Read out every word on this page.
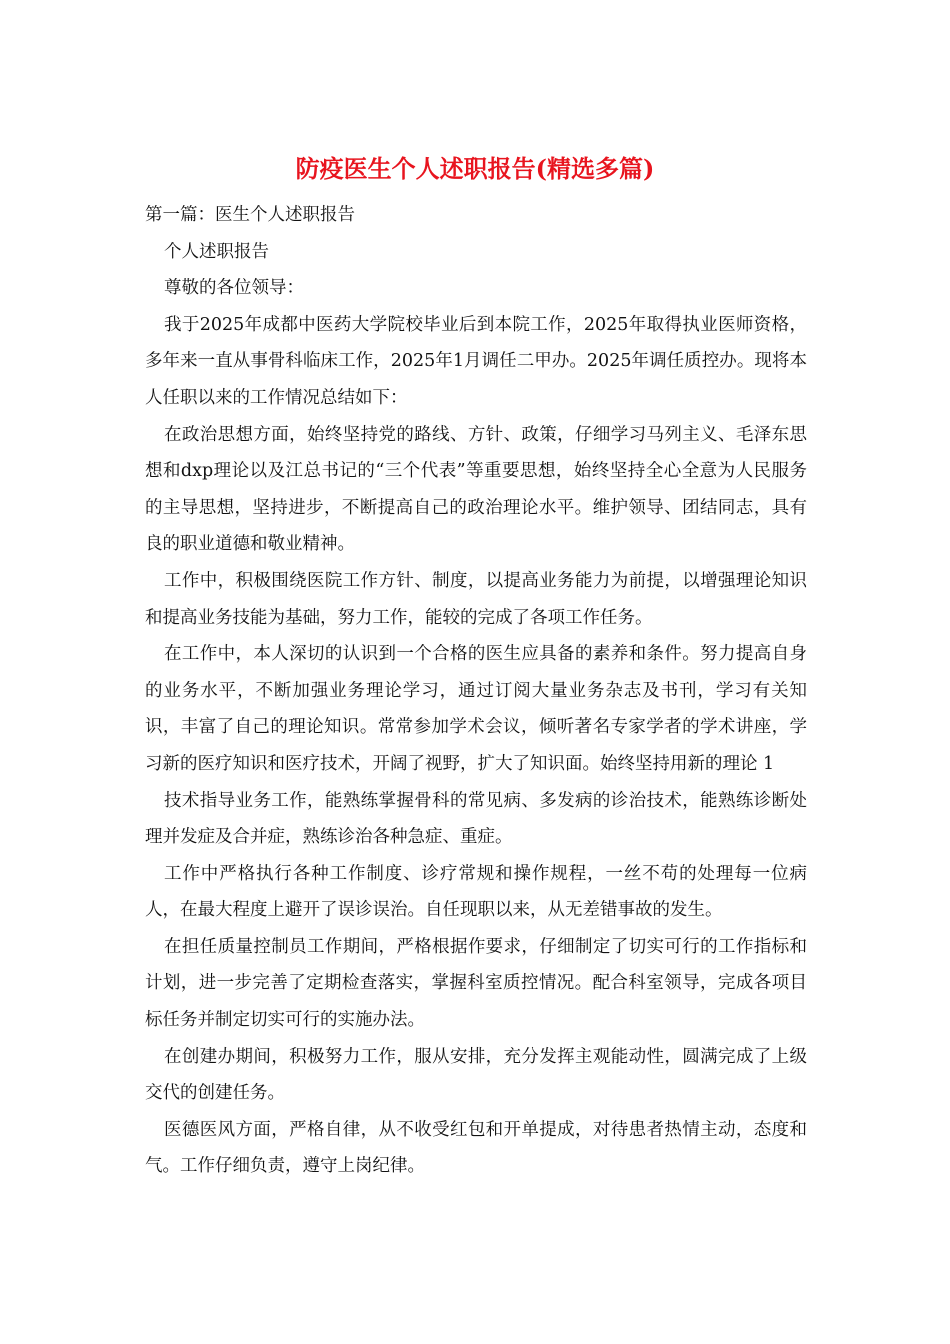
防疫医生个人述职报告(精选多篇)

第一篇：医生个人述职报告

个人述职报告

尊敬的各位领导：

我于2025年成都中医药大学院校毕业后到本院工作，2025年取得执业医师资格，多年来一直从事骨科临床工作，2025年1月调任二甲办。2025年调任质控办。现将本人任职以来的工作情况总结如下：

在政治思想方面，始终坚持党的路线、方针、政策，仔细学习马列主义、毛泽东思想和dxp理论以及江总书记的“三个代表”等重要思想，始终坚持全心全意为人民服务的主导思想，坚持进步，不断提高自己的政治理论水平。维护领导、团结同志，具有良的职业道德和敬业精神。

工作中，积极围绕医院工作方针、制度，以提高业务能力为前提，以增强理论知识和提高业务技能为基础，努力工作，能较的完成了各项工作任务。

在工作中，本人深切的认识到一个合格的医生应具备的素养和条件。努力提高自身的业务水平，不断加强业务理论学习，通过订阅大量业务杂志及书刊，学习有关知识，丰富了自己的理论知识。常常参加学术会议，倾听著名专家学者的学术讲座，学习新的医疗知识和医疗技术，开阔了视野，扩大了知识面。始终坚持用新的理论 1

技术指导业务工作，能熟练掌握骨科的常见病、多发病的诊治技术，能熟练诊断处理并发症及合并症，熟练诊治各种急症、重症。

工作中严格执行各种工作制度、诊疗常规和操作规程，一丝不苟的处理每一位病人，在最大程度上避开了误诊误治。自任现职以来，从无差错事故的发生。

在担任质量控制员工作期间，严格根据作要求，仔细制定了切实可行的工作指标和计划，进一步完善了定期检查落实，掌握科室质控情况。配合科室领导，完成各项目标任务并制定切实可行的实施办法。

在创建办期间，积极努力工作，服从安排，充分发挥主观能动性，圆满完成了上级交代的创建任务。

医德医风方面，严格自律，从不收受红包和开单提成，对待患者热情主动，态度和气。工作仔细负责，遵守上岗纪律。
